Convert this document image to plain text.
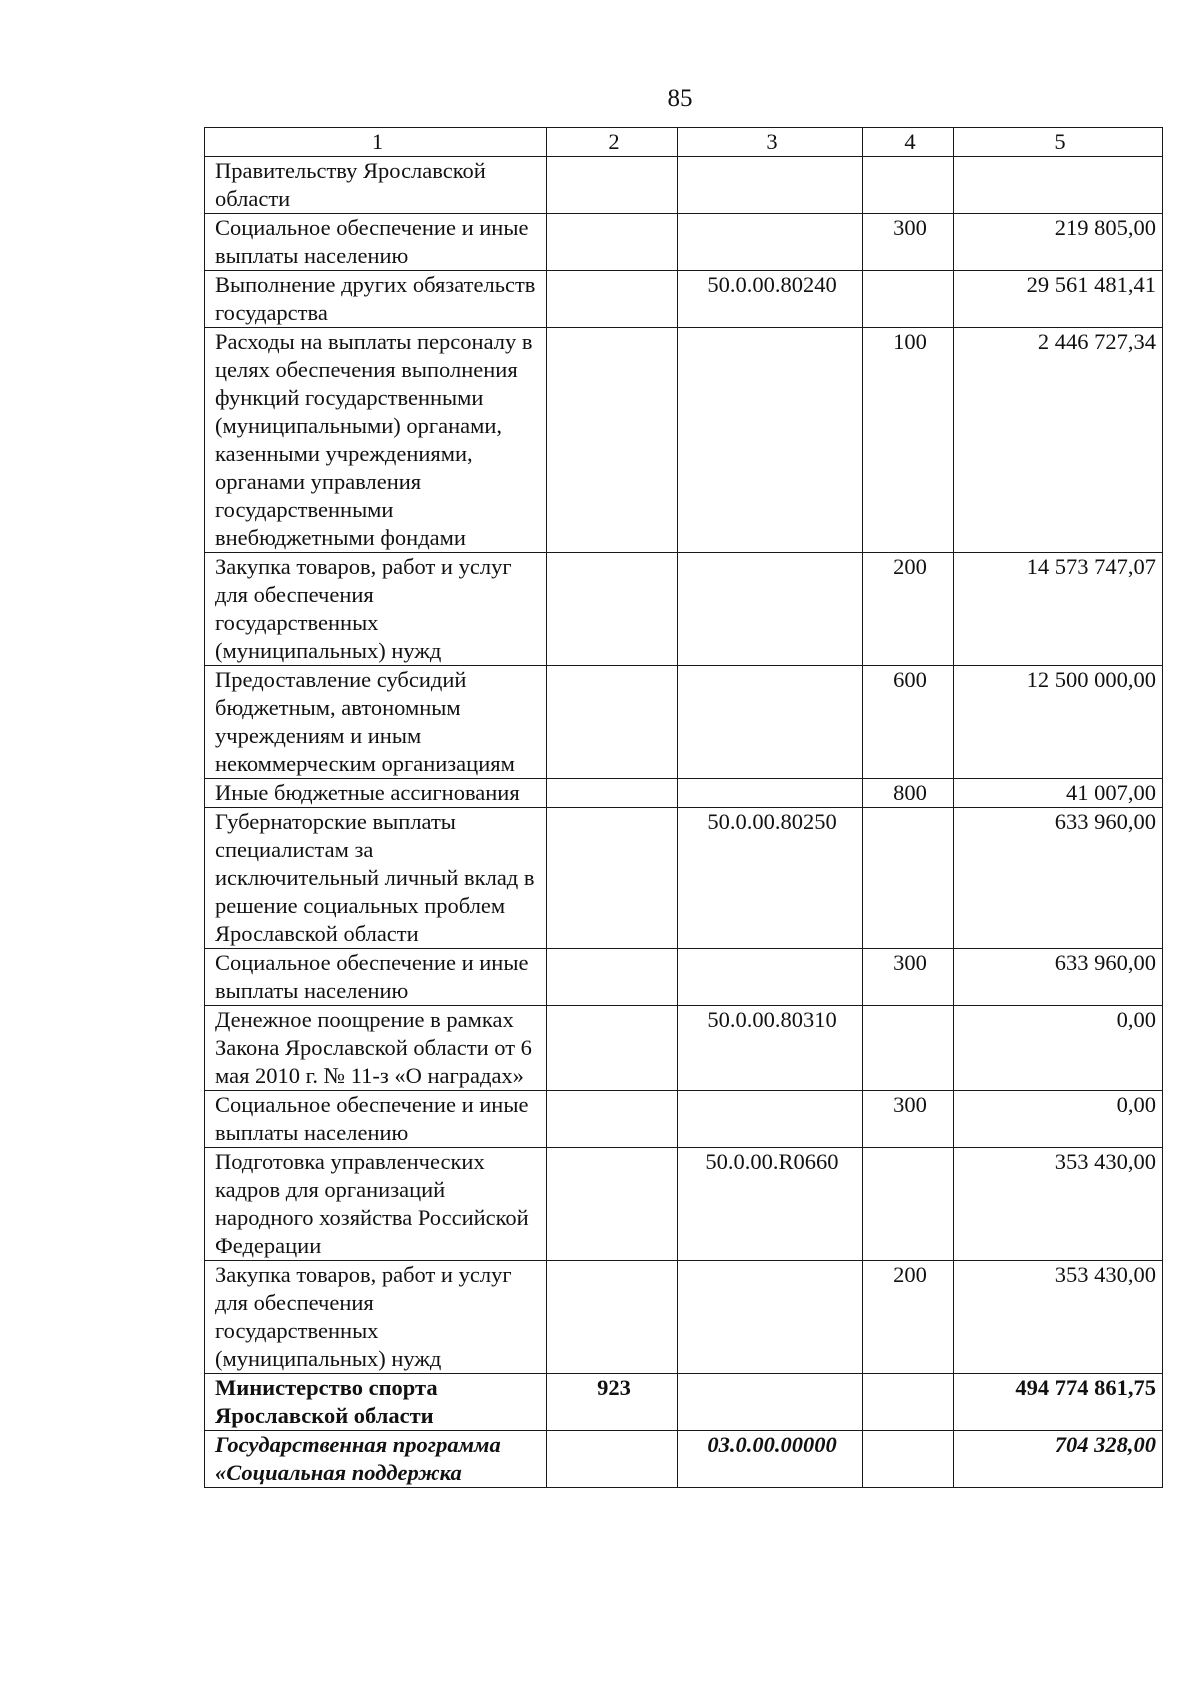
85
1	2	3	4	5
Правительству Ярославской области				
Социальное обеспечение и иные выплаты населению			300	219 805,00
Выполнение других обязательств государства		50.0.00.80240		29 561 481,41
Расходы на выплаты персоналу в целях обеспечения выполнения функций государственными (муниципальными) органами, казенными учреждениями, органами управления государственными внебюджетными фондами			100	2 446 727,34
Закупка товаров, работ и услуг для обеспечения государственных (муниципальных) нужд			200	14 573 747,07
Предоставление субсидий бюджетным, автономным учреждениям и иным некоммерческим организациям			600	12 500 000,00
Иные бюджетные ассигнования			800	41 007,00
Губернаторские выплаты специалистам за исключительный личный вклад в решение социальных проблем Ярославской области		50.0.00.80250		633 960,00
Социальное обеспечение и иные выплаты населению			300	633 960,00
Денежное поощрение в рамках Закона Ярославской области от 6 мая 2010 г. № 11-з «О наградах»		50.0.00.80310		0,00
Социальное обеспечение и иные выплаты населению			300	0,00
Подготовка управленческих кадров для организаций народного хозяйства Российской Федерации		50.0.00.R0660		353 430,00
Закупка товаров, работ и услуг для обеспечения государственных (муниципальных) нужд			200	353 430,00
Министерство спорта Ярославской области	923			494 774 861,75
Государственная программа «Социальная поддержка		03.0.00.00000		704 328,00
